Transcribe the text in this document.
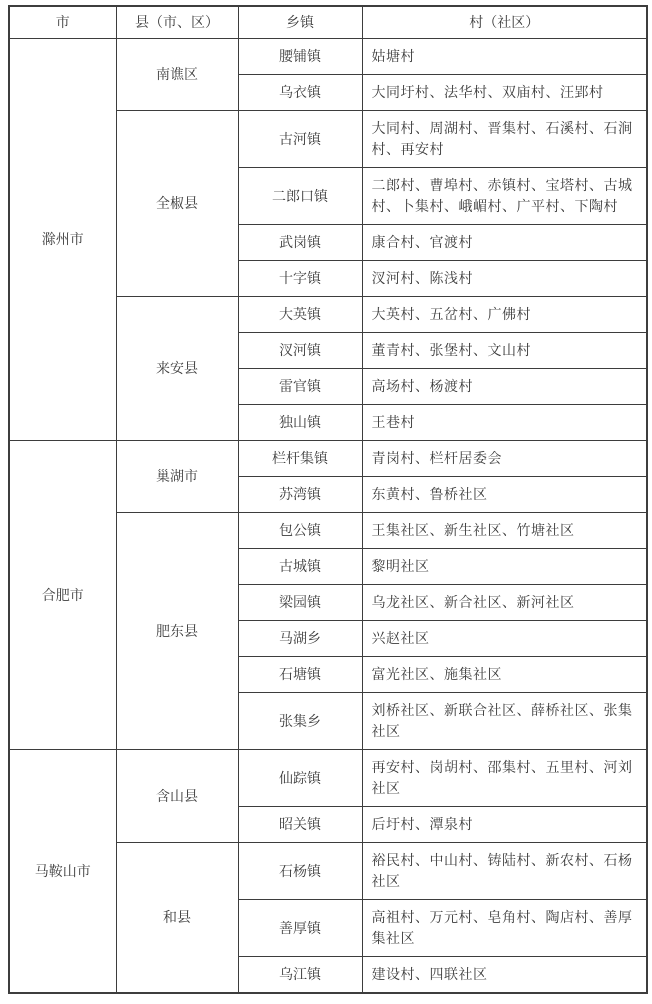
市	县（市、区）	乡镇	村（社区）
滁州市	南谯区	腰铺镇	姑塘村
		乌衣镇	大同圩村、法华村、双庙村、汪郢村
	全椒县	古河镇	大同村、周湖村、晋集村、石溪村、石涧村、再安村
		二郎口镇	二郎村、曹埠村、赤镇村、宝塔村、古城村、卜集村、峨嵋村、广平村、下陶村
		武岗镇	康合村、官渡村
		十字镇	汊河村、陈浅村
	来安县	大英镇	大英村、五岔村、广佛村
		汊河镇	董青村、张堡村、文山村
		雷官镇	高场村、杨渡村
		独山镇	王巷村
合肥市	巢湖市	栏杆集镇	青岗村、栏杆居委会
		苏湾镇	东黄村、鲁桥社区
	肥东县	包公镇	王集社区、新生社区、竹塘社区
		古城镇	黎明社区
		梁园镇	乌龙社区、新合社区、新河社区
		马湖乡	兴赵社区
		石塘镇	富光社区、施集社区
		张集乡	刘桥社区、新联合社区、薛桥社区、张集社区
马鞍山市	含山县	仙踪镇	再安村、岗胡村、邵集村、五里村、河刘社区
		昭关镇	后圩村、潭泉村
	和县	石杨镇	裕民村、中山村、铸陆村、新农村、石杨社区
		善厚镇	高祖村、万元村、皂角村、陶店村、善厚集社区
		乌江镇	建设村、四联社区
